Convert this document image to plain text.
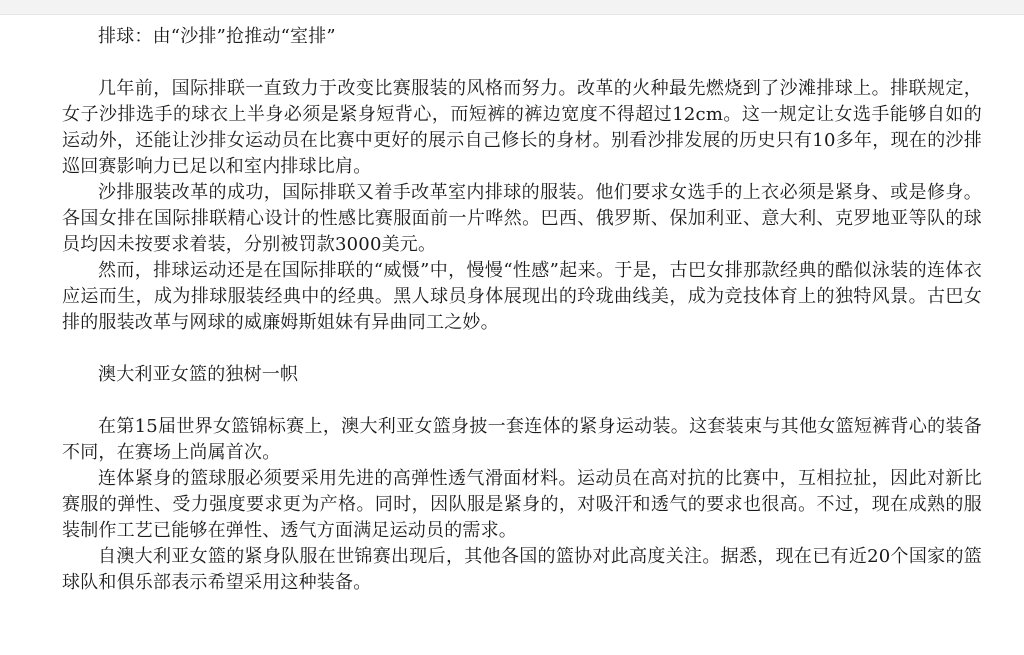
排球：由“沙排”抢推动“室排”

几年前，国际排联一直致力于改变比赛服装的风格而努力。改革的火种最先燃烧到了沙滩排球上。排联规定，女子沙排选手的球衣上半身必须是紧身短背心，而短裤的裤边宽度不得超过12cm。这一规定让女选手能够自如的运动外，还能让沙排女运动员在比赛中更好的展示自己修长的身材。别看沙排发展的历史只有10多年，现在的沙排巡回赛影响力已足以和室内排球比肩。

沙排服装改革的成功，国际排联又着手改革室内排球的服装。他们要求女选手的上衣必须是紧身、或是修身。各国女排在国际排联精心设计的性感比赛服面前一片哗然。巴西、俄罗斯、保加利亚、意大利、克罗地亚等队的球员均因未按要求着装，分别被罚款3000美元。

然而，排球运动还是在国际排联的“威慑”中，慢慢“性感”起来。于是，古巴女排那款经典的酷似泳装的连体衣应运而生，成为排球服装经典中的经典。黑人球员身体展现出的玲珑曲线美，成为竞技体育上的独特风景。古巴女排的服装改革与网球的威廉姆斯姐妹有异曲同工之妙。

澳大利亚女篮的独树一帜

在第15届世界女篮锦标赛上，澳大利亚女篮身披一套连体的紧身运动装。这套装束与其他女篮短裤背心的装备不同，在赛场上尚属首次。

连体紧身的篮球服必须要采用先进的高弹性透气滑面材料。运动员在高对抗的比赛中，互相拉扯，因此对新比赛服的弹性、受力强度要求更为产格。同时，因队服是紧身的，对吸汗和透气的要求也很高。不过，现在成熟的服装制作工艺已能够在弹性、透气方面满足运动员的需求。

自澳大利亚女篮的紧身队服在世锦赛出现后，其他各国的篮协对此高度关注。据悉，现在已有近20个国家的篮球队和俱乐部表示希望采用这种装备。
